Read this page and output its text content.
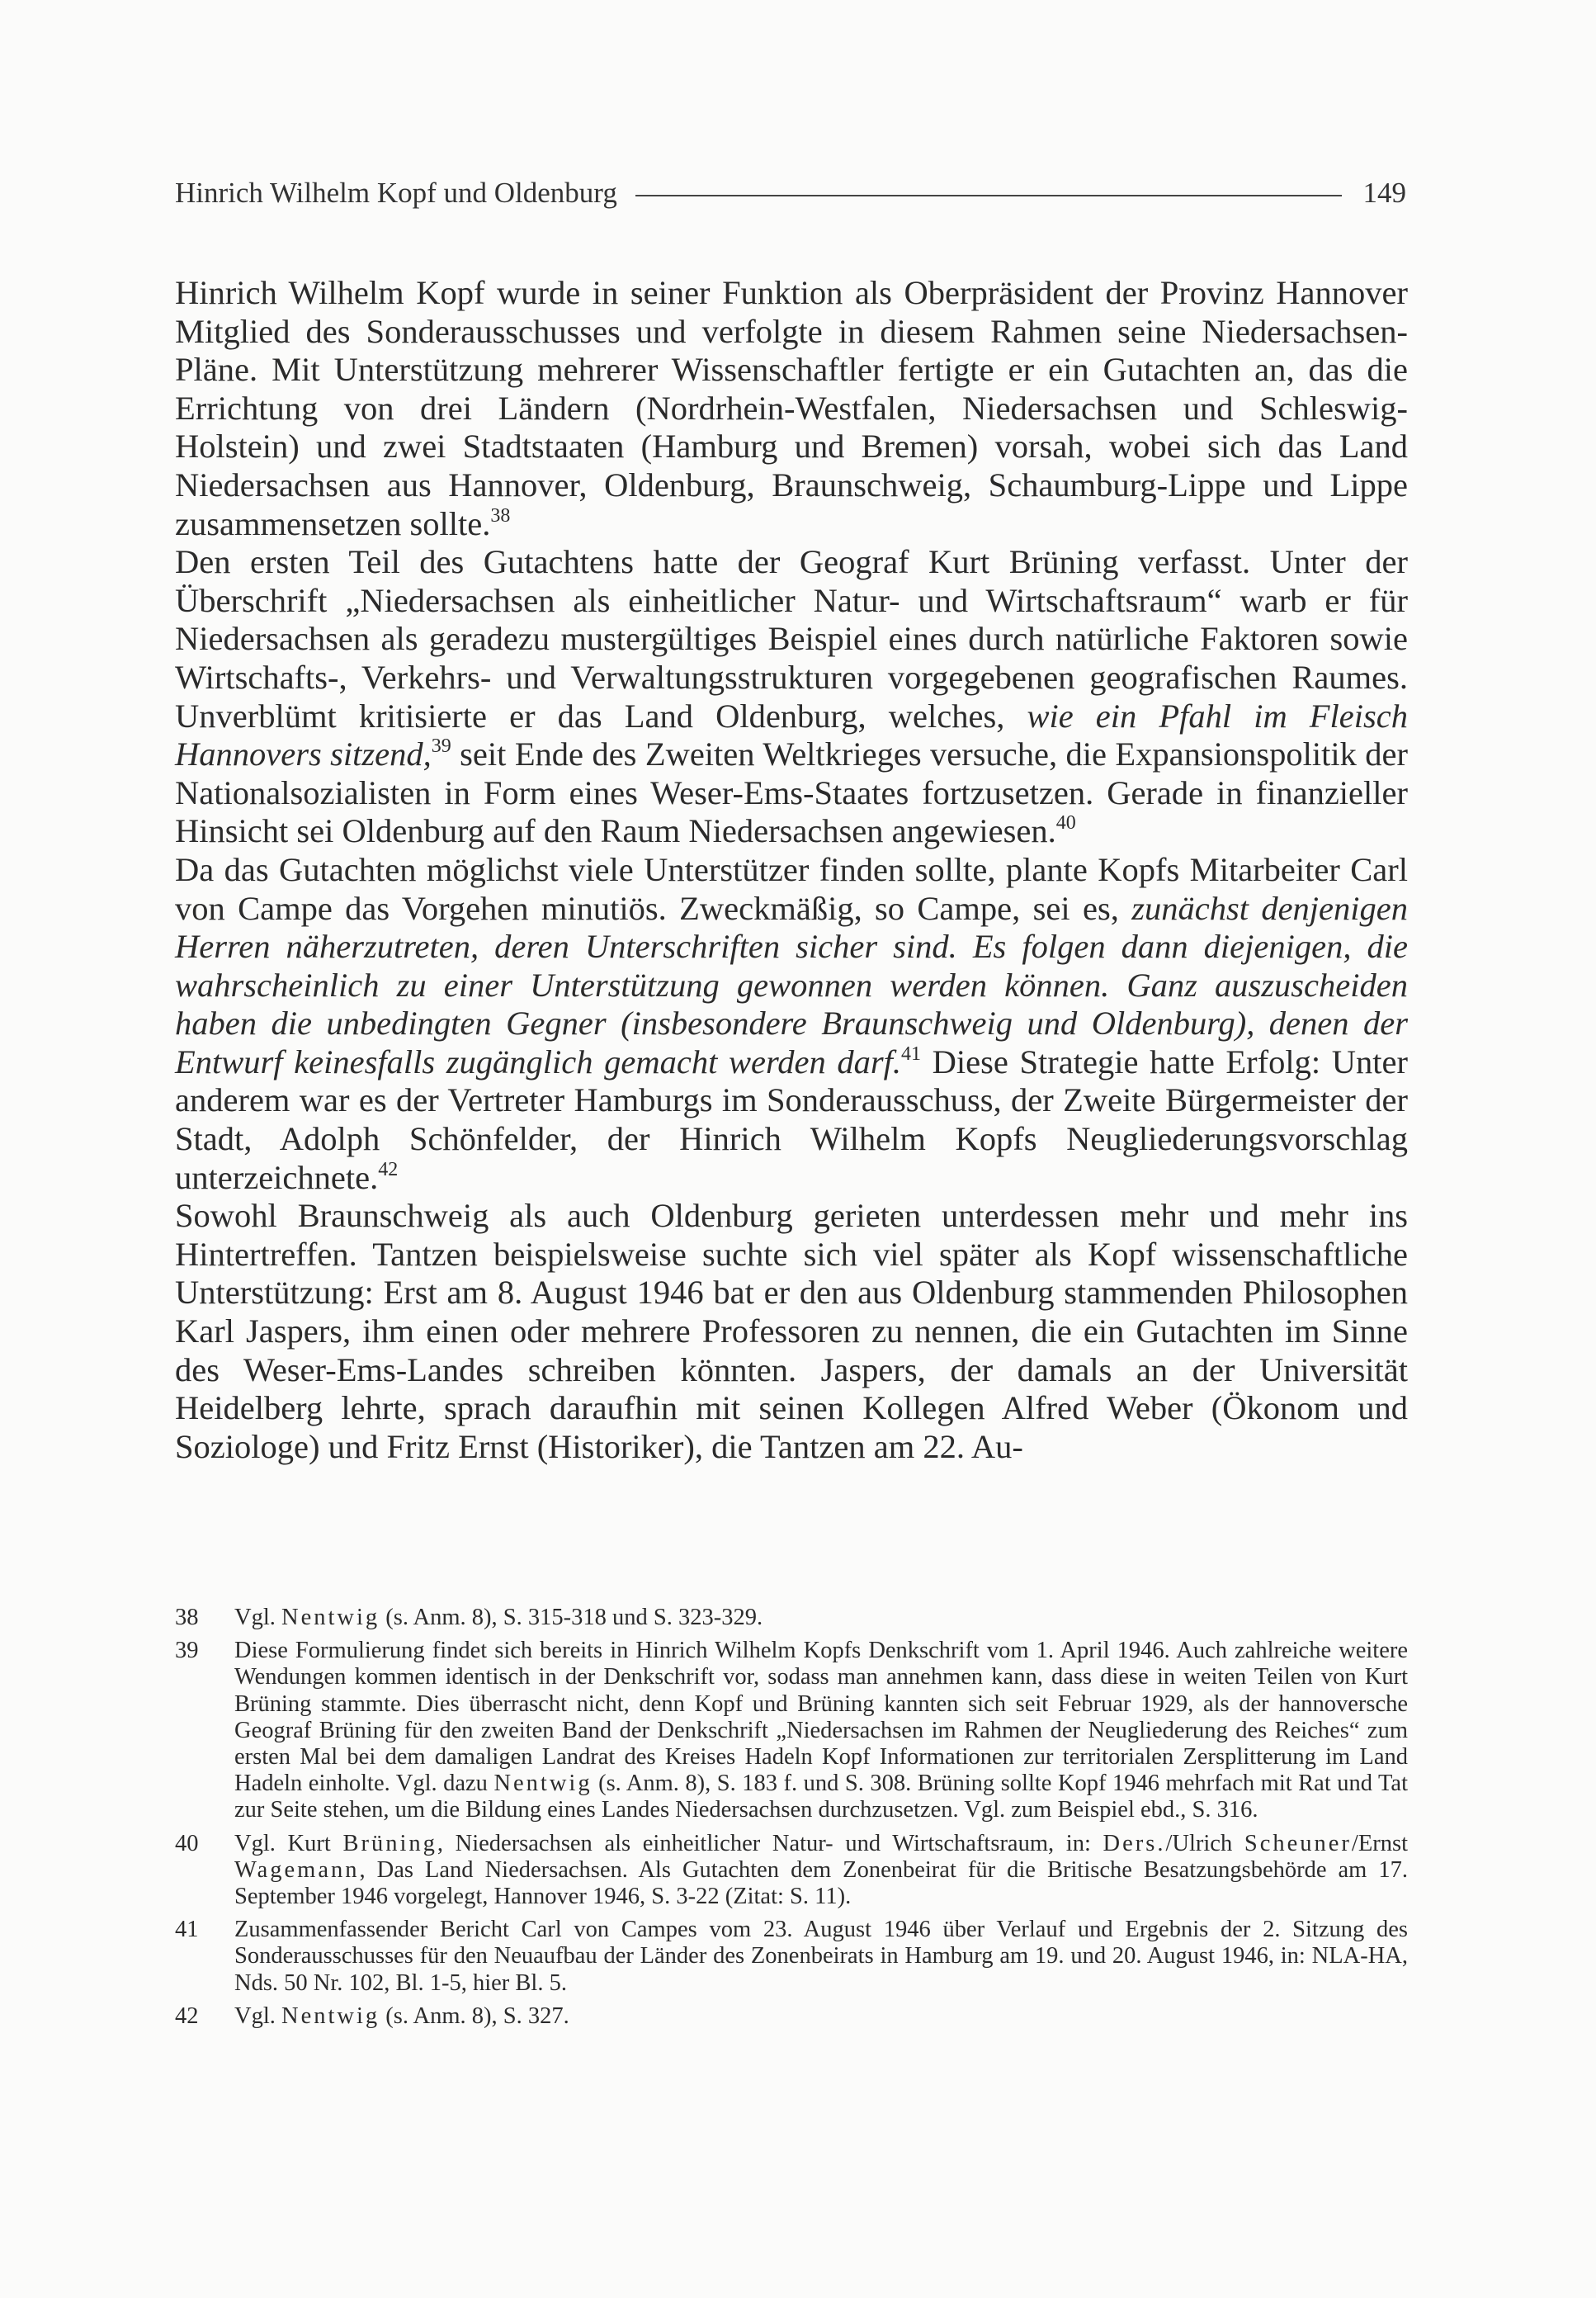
Hinrich Wilhelm Kopf und Oldenburg	149

Hinrich Wilhelm Kopf wurde in seiner Funktion als Oberpräsident der Provinz Hannover Mitglied des Sonderausschusses und verfolgte in diesem Rahmen seine Niedersachsen-Pläne. Mit Unterstützung mehrerer Wissenschaftler fertigte er ein Gutachten an, das die Errichtung von drei Ländern (Nordrhein-Westfalen, Niedersachsen und Schleswig-Holstein) und zwei Stadtstaaten (Hamburg und Bremen) vorsah, wobei sich das Land Niedersachsen aus Hannover, Oldenburg, Braunschweig, Schaumburg-Lippe und Lippe zusammensetzen sollte.$^{38}$

Den ersten Teil des Gutachtens hatte der Geograf Kurt Brüning verfasst. Unter der Überschrift „Niedersachsen als einheitlicher Natur- und Wirtschaftsraum“ warb er für Niedersachsen als geradezu mustergültiges Beispiel eines durch natürliche Faktoren sowie Wirtschafts-, Verkehrs- und Verwaltungsstrukturen vorgegebenen geografischen Raumes. Unverblümt kritisierte er das Land Oldenburg, welches, wie ein Pfahl im Fleisch Hannovers sitzend,$^{39}$ seit Ende des Zweiten Weltkrieges versuche, die Expansionspolitik der Nationalsozialisten in Form eines Weser-Ems-Staates fortzusetzen. Gerade in finanzieller Hinsicht sei Oldenburg auf den Raum Niedersachsen angewiesen.$^{40}$

Da das Gutachten möglichst viele Unterstützer finden sollte, plante Kopfs Mitarbeiter Carl von Campe das Vorgehen minutiös. Zweckmäßig, so Campe, sei es, zunächst denjenigen Herren näherzutreten, deren Unterschriften sicher sind. Es folgen dann diejenigen, die wahrscheinlich zu einer Unterstützung gewonnen werden können. Ganz auszuscheiden haben die unbedingten Gegner (insbesondere Braunschweig und Oldenburg), denen der Entwurf keinesfalls zugänglich gemacht werden darf.$^{41}$ Diese Strategie hatte Erfolg: Unter anderem war es der Vertreter Hamburgs im Sonderausschuss, der Zweite Bürgermeister der Stadt, Adolph Schönfelder, der Hinrich Wilhelm Kopfs Neugliederungsvorschlag unterzeichnete.$^{42}$

Sowohl Braunschweig als auch Oldenburg gerieten unterdessen mehr und mehr ins Hintertreffen. Tantzen beispielsweise suchte sich viel später als Kopf wissenschaftliche Unterstützung: Erst am 8. August 1946 bat er den aus Oldenburg stammenden Philosophen Karl Jaspers, ihm einen oder mehrere Professoren zu nennen, die ein Gutachten im Sinne des Weser-Ems-Landes schreiben könnten. Jaspers, der damals an der Universität Heidelberg lehrte, sprach daraufhin mit seinen Kollegen Alfred Weber (Ökonom und Soziologe) und Fritz Ernst (Historiker), die Tantzen am 22. Au-

38	Vgl. Nentwig (s. Anm. 8), S. 315-318 und S. 323-329.
39	Diese Formulierung findet sich bereits in Hinrich Wilhelm Kopfs Denkschrift vom 1. April 1946. Auch zahlreiche weitere Wendungen kommen identisch in der Denkschrift vor, sodass man annehmen kann, dass diese in weiten Teilen von Kurt Brüning stammte. Dies überrascht nicht, denn Kopf und Brüning kannten sich seit Februar 1929, als der hannoversche Geograf Brüning für den zweiten Band der Denkschrift „Niedersachsen im Rahmen der Neugliederung des Reiches“ zum ersten Mal bei dem damaligen Landrat des Kreises Hadeln Kopf Informationen zur territorialen Zersplitterung im Land Hadeln einholte. Vgl. dazu Nentwig (s. Anm. 8), S. 183 f. und S. 308. Brüning sollte Kopf 1946 mehrfach mit Rat und Tat zur Seite stehen, um die Bildung eines Landes Niedersachsen durchzusetzen. Vgl. zum Beispiel ebd., S. 316.
40	Vgl. Kurt Brüning, Niedersachsen als einheitlicher Natur- und Wirtschaftsraum, in: Ders./Ulrich Scheuner/Ernst Wagemann, Das Land Niedersachsen. Als Gutachten dem Zonenbeirat für die Britische Besatzungsbehörde am 17. September 1946 vorgelegt, Hannover 1946, S. 3-22 (Zitat: S. 11).
41	Zusammenfassender Bericht Carl von Campes vom 23. August 1946 über Verlauf und Ergebnis der 2. Sitzung des Sonderausschusses für den Neuaufbau der Länder des Zonenbeirats in Hamburg am 19. und 20. August 1946, in: NLA-HA, Nds. 50 Nr. 102, Bl. 1-5, hier Bl. 5.
42	Vgl. Nentwig (s. Anm. 8), S. 327.
